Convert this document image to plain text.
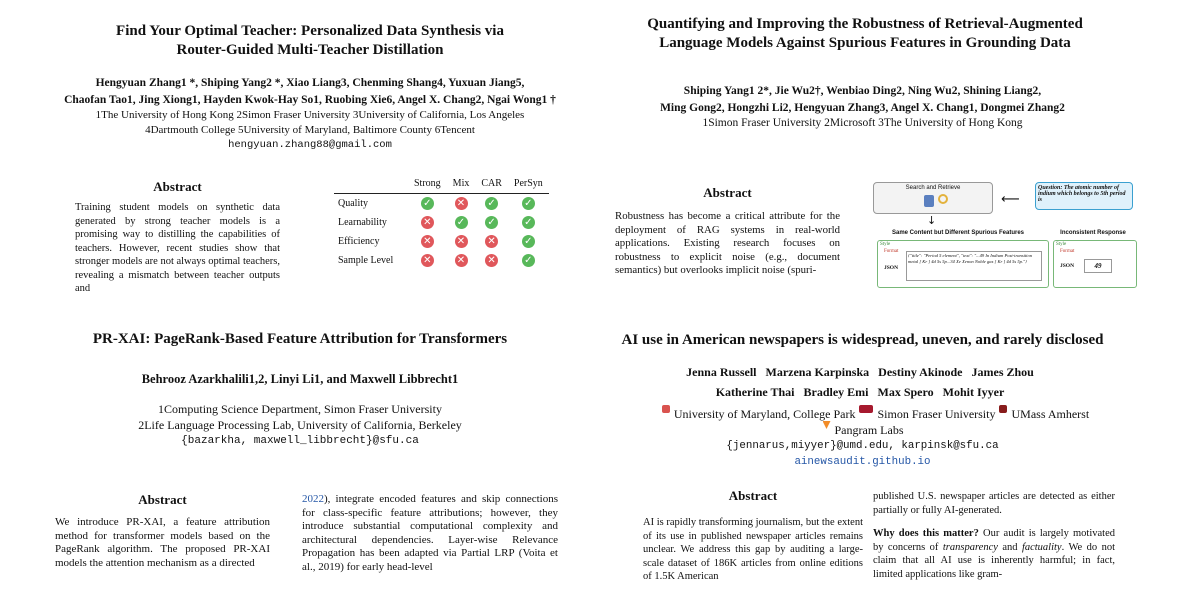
Find Your Optimal Teacher: Personalized Data Synthesis via Router-Guided Multi-Teacher Distillation
Hengyuan Zhang1 *, Shiping Yang2 *, Xiao Liang3, Chenming Shang4, Yuxuan Jiang5,
Chaofan Tao1, Jing Xiong1, Hayden Kwok-Hay So1, Ruobing Xie6, Angel X. Chang2, Ngai Wong1 †
1The University of Hong Kong 2Simon Fraser University 3University of California, Los Angeles
4Dartmouth College 5University of Maryland, Baltimore County 6Tencent
hengyuan.zhang88@gmail.com
Abstract
Training student models on synthetic data generated by strong teacher models is a promising way to distilling the capabilities of teachers. However, recent studies show that stronger models are not always optimal teachers, revealing a mismatch between teacher outputs and
	Strong	Mix	CAR	PerSyn
Quality	✓	✕	✓	✓
Learnability	✕	✓	✓	✓
Efficiency	✕	✕	✕	✓
Sample Level	✕	✕	✕	✓
Quantifying and Improving the Robustness of Retrieval-Augmented Language Models Against Spurious Features in Grounding Data
Shiping Yang1 2*, Jie Wu2†, Wenbiao Ding2, Ning Wu2, Shining Liang2,
Ming Gong2, Hongzhi Li2, Hengyuan Zhang3, Angel X. Chang1, Dongmei Zhang2
1Simon Fraser University 2Microsoft 3The University of Hong Kong
Abstract
Robustness has become a critical attribute for the deployment of RAG systems in real-world applications. Existing research focuses on robustness to explicit noise (e.g., document semantics) but overlooks implicit noise (spuri-
Search and Retrieve
⟵
Question: The atomic number of indium which belongs to 5th period is
↓
Same Content but Different Spurious Features	Inconsistent Response
Style
Format
JSON
{"title": "Period 5 element", "text": "...49 In Indium Post-transition metal [ Kr ] 4d 5s 5p...34 Xe Xenon Noble gas [ Kr ] 4d 5s 5p."}
Style
Format
JSON	49
PR-XAI: PageRank-Based Feature Attribution for Transformers
Behrooz Azarkhalili1,2, Linyi Li1, and Maxwell Libbrecht1
1Computing Science Department, Simon Fraser University
2Life Language Processing Lab, University of California, Berkeley
{bazarkha, maxwell_libbrecht}@sfu.ca
Abstract
We introduce PR-XAI, a feature attribution method for transformer models based on the PageRank algorithm. The proposed PR-XAI models the attention mechanism as a directed
2022), integrate encoded features and skip connections for class-specific feature attributions; however, they introduce substantial computational complexity and architectural dependencies. Layer-wise Relevance Propagation has been adapted via Partial LRP (Voita et al., 2019) for early head-level
AI use in American newspapers is widespread, uneven, and rarely disclosed
Jenna Russell   Marzena Karpinska   Destiny Akinode   James Zhou
Katherine Thai   Bradley Emi   Max Spero   Mohit Iyyer
University of Maryland, College Park Simon Fraser University UMass Amherst
Pangram Labs
{jennarus,miyyer}@umd.edu, karpinsk@sfu.ca
ainewsaudit.github.io
Abstract
AI is rapidly transforming journalism, but the extent of its use in published newspaper articles remains unclear. We address this gap by auditing a large-scale dataset of 186K articles from online editions of 1.5K American
published U.S. newspaper articles are detected as either partially or fully AI-generated.
Why does this matter? Our audit is largely motivated by concerns of transparency and factuality. We do not claim that all AI use is inherently harmful; in fact, limited applications like gram-
